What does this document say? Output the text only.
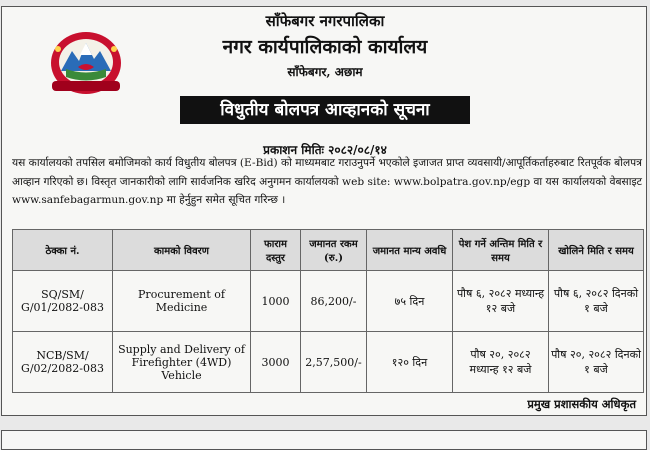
साँफेबगर नगरपालिका
नगर कार्यपालिकाको कार्यालय
साँफेबगर, अछाम
विधुतीय बोलपत्र आव्हानको सूचना
प्रकाशन मितिः २०८२/०८/१४
यस कार्यालयको तपसिल बमोजिमको कार्य विधुतीय बोलपत्र (E-Bid) को माध्यमबाट गराउनुपर्ने भएकोले इजाजत प्राप्त व्यवसायी/आपूर्तिकर्ताहरुबाट रितपूर्वक बोलपत्र आव्हान गरिएको छ। विस्तृत जानकारीको लागि सार्वजनिक खरिद अनुगमन कार्यालयको web site: www.bolpatra.gov.np/egp वा यस कार्यालयको वेबसाइट www.sanfebagarmun.gov.np मा हेर्नुहुन समेत सूचित गरिन्छ ।
ठेक्का नं.	कामको विवरण	फाराम दस्तुर	जमानत रकम (रु.)	जमानत मान्य अवधि	पेश गर्ने अन्तिम मिति र समय	खोलिने मिति र समय
SQ/SM/ G/01/2082-083	Procurement of Medicine	1000	86,200/-	७५ दिन	पौष ६, २०८२ मध्यान्ह १२ बजे	पौष ६, २०८२ दिनको १ बजे
NCB/SM/ G/02/2082-083	Supply and Delivery of Firefighter (4WD) Vehicle	3000	2,57,500/-	१२० दिन	पौष २०, २०८२ मध्यान्ह १२ बजे	पौष २०, २०८२ दिनको १ बजे
प्रमुख प्रशासकीय अधिकृत
